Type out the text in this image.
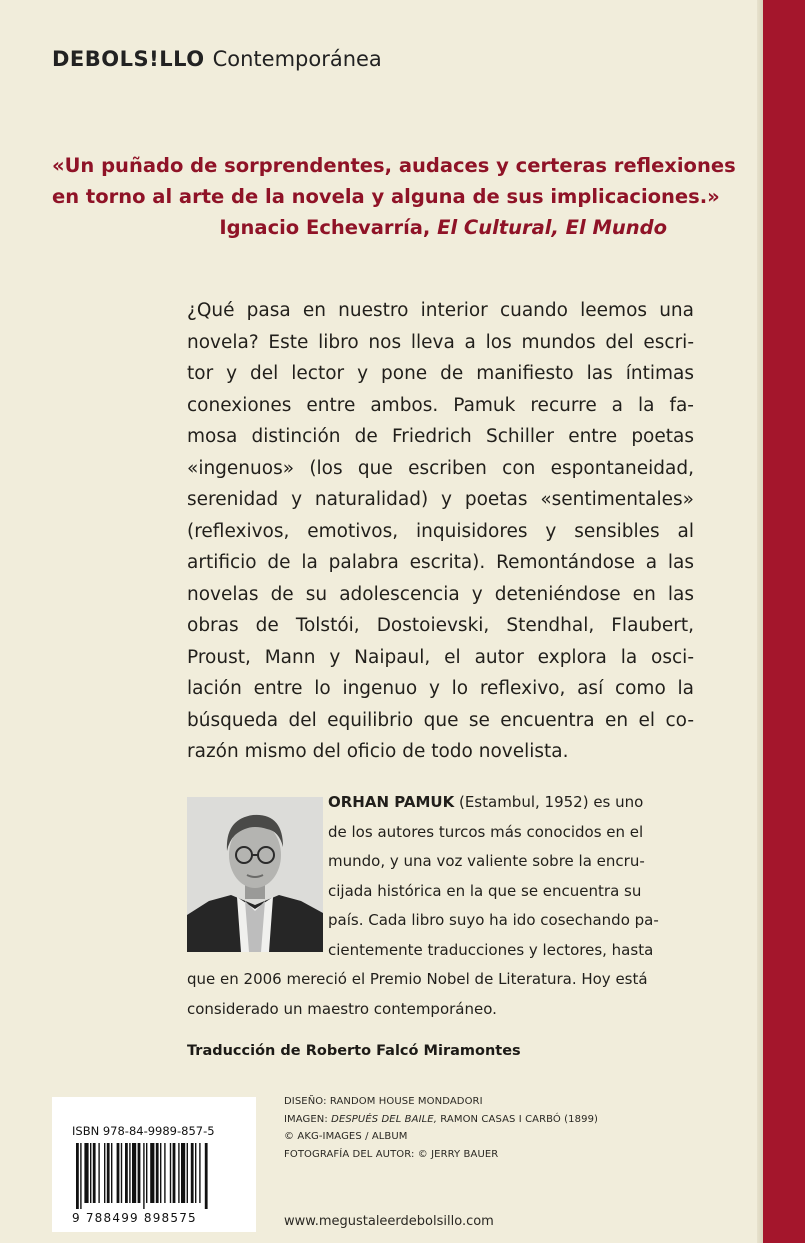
DEBOLS!LLO Contemporánea
«Un puñado de sorprendentes, audaces y certeras reflexiones
en torno al arte de la novela y alguna de sus implicaciones.»
Ignacio Echevarría, El Cultural, El Mundo
¿Qué pasa en nuestro interior cuando leemos una
novela? Este libro nos lleva a los mundos del escri-
tor y del lector y pone de manifiesto las íntimas
conexiones entre ambos. Pamuk recurre a la fa-
mosa distinción de Friedrich Schiller entre poetas
«ingenuos» (los que escriben con espontaneidad,
serenidad y naturalidad) y poetas «sentimentales»
(reflexivos, emotivos, inquisidores y sensibles al
artificio de la palabra escrita). Remontándose a las
novelas de su adolescencia y deteniéndose en las
obras de Tolstói, Dostoievski, Stendhal, Flaubert,
Proust, Mann y Naipaul, el autor explora la osci-
lación entre lo ingenuo y lo reflexivo, así como la
búsqueda del equilibrio que se encuentra en el co-
razón mismo del oficio de todo novelista.
ORHAN PAMUK (Estambul, 1952) es uno
de los autores turcos más conocidos en el
mundo, y una voz valiente sobre la encru-
cijada histórica en la que se encuentra su
país. Cada libro suyo ha ido cosechando pa-
cientemente traducciones y lectores, hasta
que en 2006 mereció el Premio Nobel de Literatura. Hoy está
considerado un maestro contemporáneo.
Traducción de Roberto Falcó Miramontes
ISBN 978-84-9989-857-5
9 788499 898575
DISEÑO: RANDOM HOUSE MONDADORI
IMAGEN: DESPUÉS DEL BAILE, RAMON CASAS I CARBÓ (1899)
© AKG-IMAGES / ALBUM
FOTOGRAFÍA DEL AUTOR: © JERRY BAUER
www.megustaleerdebolsillo.com
